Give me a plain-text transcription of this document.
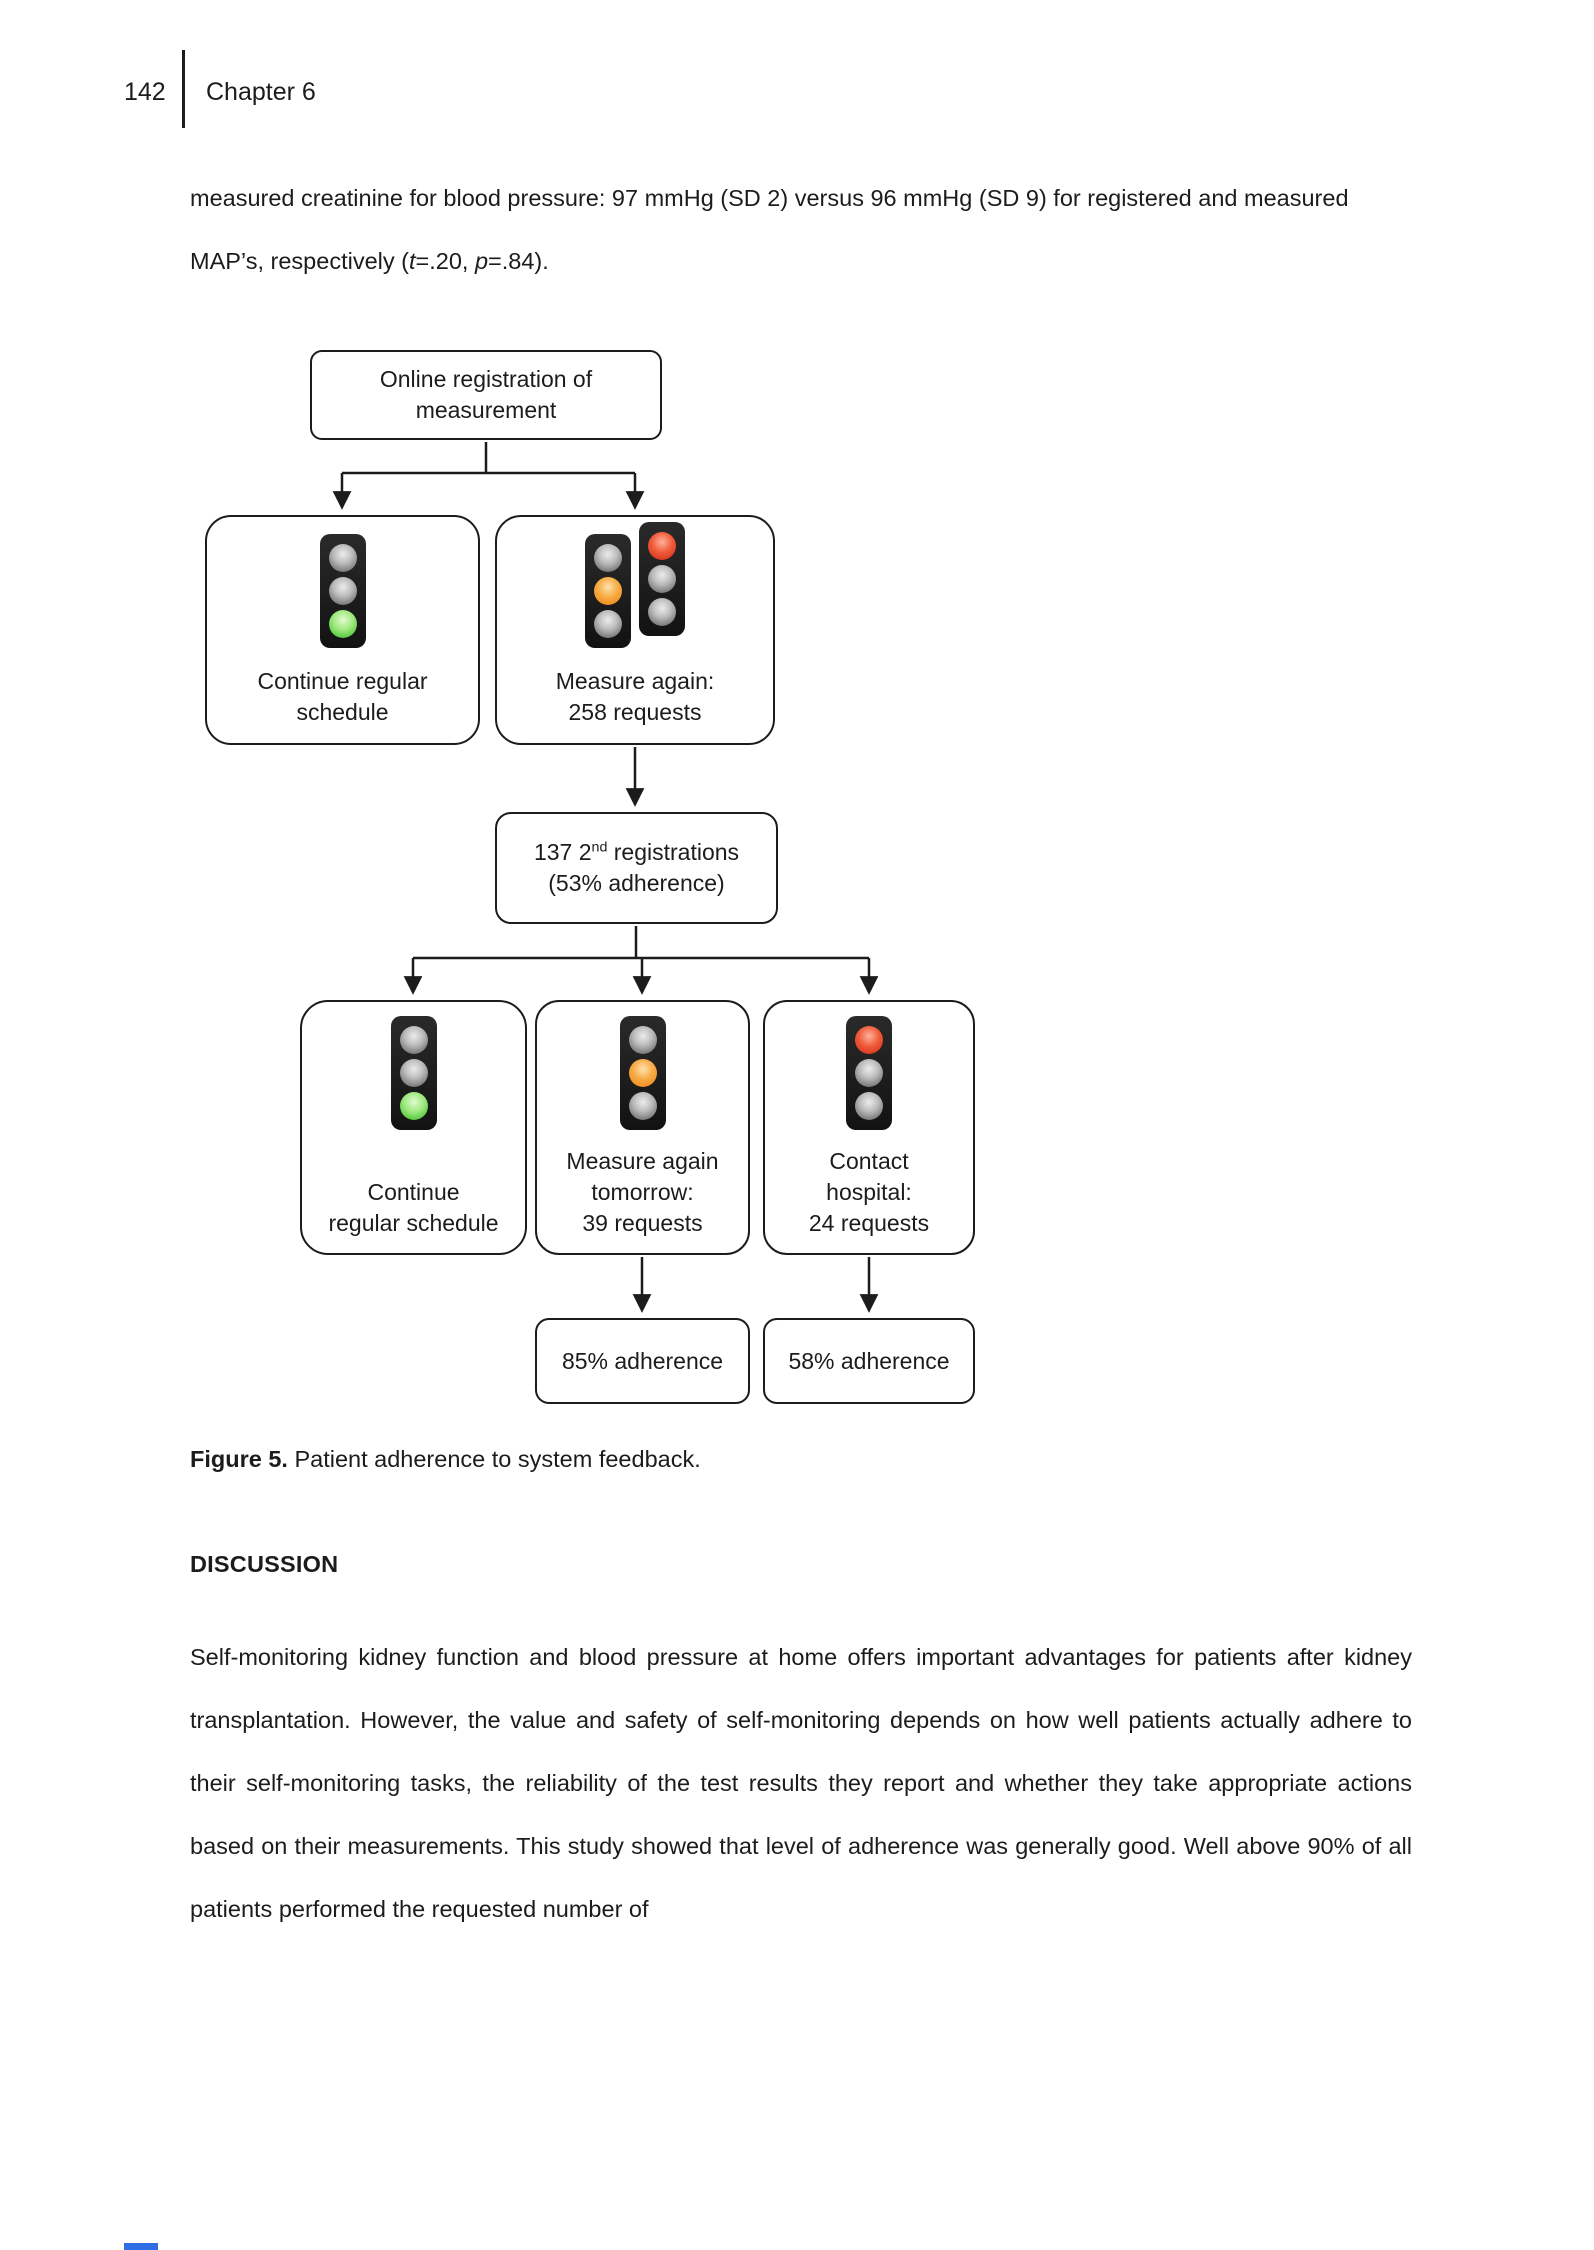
142 Chapter 6
measured creatinine for blood pressure: 97 mmHg (SD 2) versus 96 mmHg (SD 9) for registered and measured MAP’s, respectively (t=.20, p=.84).
Online registration of measurement
Continue regular schedule
Measure again:
258 requests
137 2nd registrations
(53% adherence)
Continue
regular schedule
Measure again
tomorrow:
39 requests
Contact
hospital:
24 requests
85% adherence	58% adherence
Figure 5. Patient adherence to system feedback.
DISCUSSION
Self-monitoring kidney function and blood pressure at home offers important advantages for patients after kidney transplantation. However, the value and safety of self-monitoring depends on how well patients actually adhere to their self-monitoring tasks, the reliability of the test results they report and whether they take appropriate actions based on their measurements. This study showed that level of adherence was generally good. Well above 90% of all patients performed the requested number of
